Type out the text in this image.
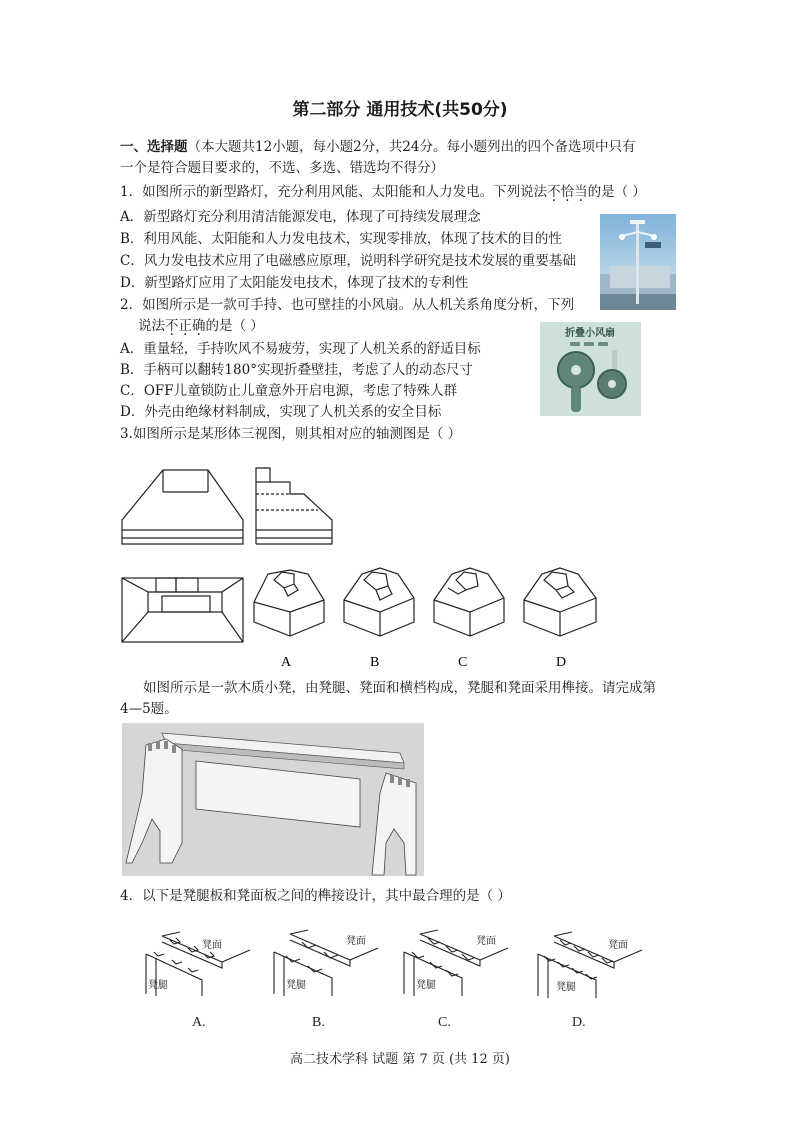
第二部分 通用技术(共50分)
一、选择题（本大题共12小题，每小题2分，共24分。每小题列出的四个备选项中只有
一个是符合题目要求的，不选、多选、错选均不得分）
1．如图所示的新型路灯，充分利用风能、太阳能和人力发电。下列说法不恰当的是（ ）
A．新型路灯充分利用清洁能源发电，体现了可持续发展理念
B．利用风能、太阳能和人力发电技术，实现零排放，体现了技术的目的性
C．风力发电技术应用了电磁感应原理，说明科学研究是技术发展的重要基础
D．新型路灯应用了太阳能发电技术，体现了技术的专利性
2．如图所示是一款可手持、也可壁挂的小风扇。从人机关系角度分析，下列
说法不正确的是（ ）
A．重量轻，手持吹风不易疲劳，实现了人机关系的舒适目标
B．手柄可以翻转180°实现折叠壁挂，考虑了人的动态尺寸
C．OFF儿童锁防止儿童意外开启电源，考虑了特殊人群
D．外壳由绝缘材料制成，实现了人机关系的安全目标
折叠小风扇
3.如图所示是某形体三视图，则其相对应的轴测图是（ ）
A	B	C	D
如图所示是一款木质小凳，由凳腿、凳面和横档构成，凳腿和凳面采用榫接。请完成第
4—5题。
4．以下是凳腿板和凳面板之间的榫接设计，其中最合理的是（ ）
凳面
凳腿
凳面
凳腿
凳面
凳腿
凳面
凳腿
A.	B.	C.	D.
高二技术学科 试题 第 7 页 (共 12 页)
